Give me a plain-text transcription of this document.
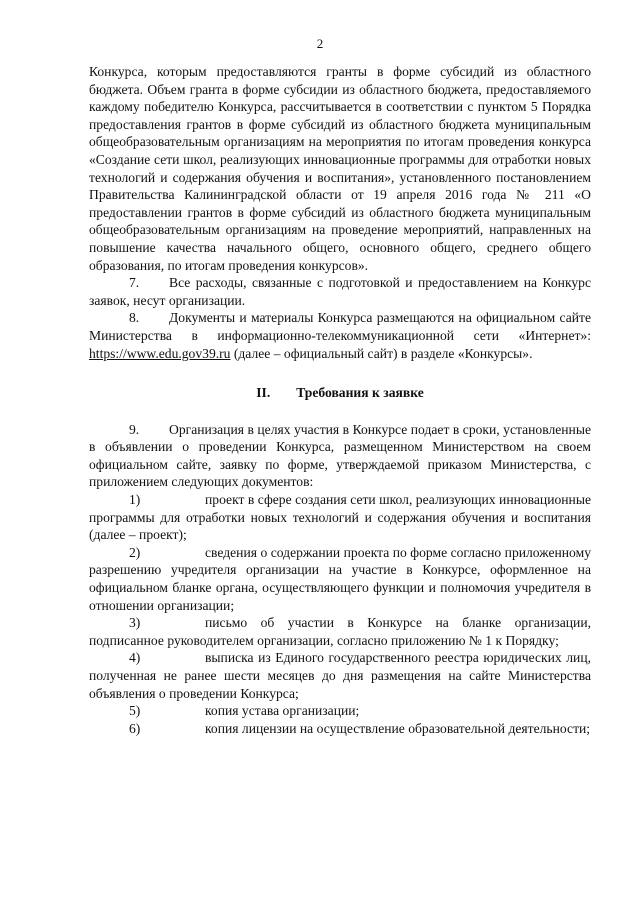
2

Конкурса, которым предоставляются гранты в форме субсидий из областного бюджета. Объем гранта в форме субсидии из областного бюджета, предоставляемого каждому победителю Конкурса, рассчитывается в соответствии с пунктом 5 Порядка предоставления грантов в форме субсидий из областного бюджета муниципальным общеобразовательным организациям на мероприятия по итогам проведения конкурса «Создание сети школ, реализующих инновационные программы для отработки новых технологий и содержания обучения и воспитания», установленного постановлением Правительства Калининградской области от 19 апреля 2016 года № 211 «О предоставлении грантов в форме субсидий из областного бюджета муниципальным общеобразовательным организациям на проведение мероприятий, направленных на повышение качества начального общего, основного общего, среднего общего образования, по итогам проведения конкурсов».

7. Все расходы, связанные с подготовкой и предоставлением на Конкурс заявок, несут организации.

8. Документы и материалы Конкурса размещаются на официальном сайте Министерства в информационно-телекоммуникационной сети «Интернет»: https://www.edu.gov39.ru (далее – официальный сайт) в разделе «Конкурсы».

II. Требования к заявке

9. Организация в целях участия в Конкурсе подает в сроки, установленные в объявлении о проведении Конкурса, размещенном Министерством на своем официальном сайте, заявку по форме, утверждаемой приказом Министерства, с приложением следующих документов:

1)	проект в сфере создания сети школ, реализующих инновационные программы для отработки новых технологий и содержания обучения и воспитания (далее – проект);

2)	сведения о содержании проекта по форме согласно приложенному разрешению учредителя организации на участие в Конкурсе, оформленное на официальном бланке органа, осуществляющего функции и полномочия учредителя в отношении организации;

3)	письмо об участии в Конкурсе на бланке организации, подписанное руководителем организации, согласно приложению № 1 к Порядку;

4)	выписка из Единого государственного реестра юридических лиц, полученная не ранее шести месяцев до дня размещения на сайте Министерства объявления о проведении Конкурса;

5)	копия устава организации;

6)	копия лицензии на осуществление образовательной деятельности;
